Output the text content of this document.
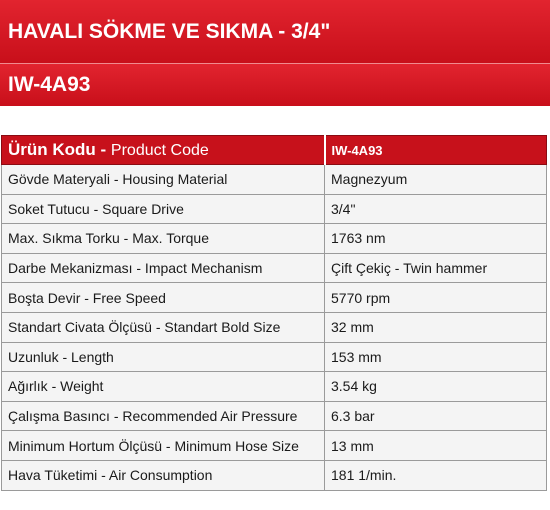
HAVALI SÖKME VE SIKMA - 3/4"
IW-4A93
Ürün Kodu - Product Code	IW-4A93
Gövde Materyali - Housing Material	Magnezyum
Soket Tutucu - Square Drive	3/4"
Max. Sıkma Torku - Max. Torque	1763 nm
Darbe Mekanizması - Impact Mechanism	Çift Çekiç - Twin hammer
Boşta Devir - Free Speed	5770 rpm
Standart Civata Ölçüsü - Standart Bold Size	32 mm
Uzunluk - Length	153 mm
Ağırlık - Weight	3.54 kg
Çalışma Basıncı - Recommended Air Pressure	6.3 bar
Minimum Hortum Ölçüsü - Minimum Hose Size	13 mm
Hava Tüketimi - Air Consumption	181 1/min.
